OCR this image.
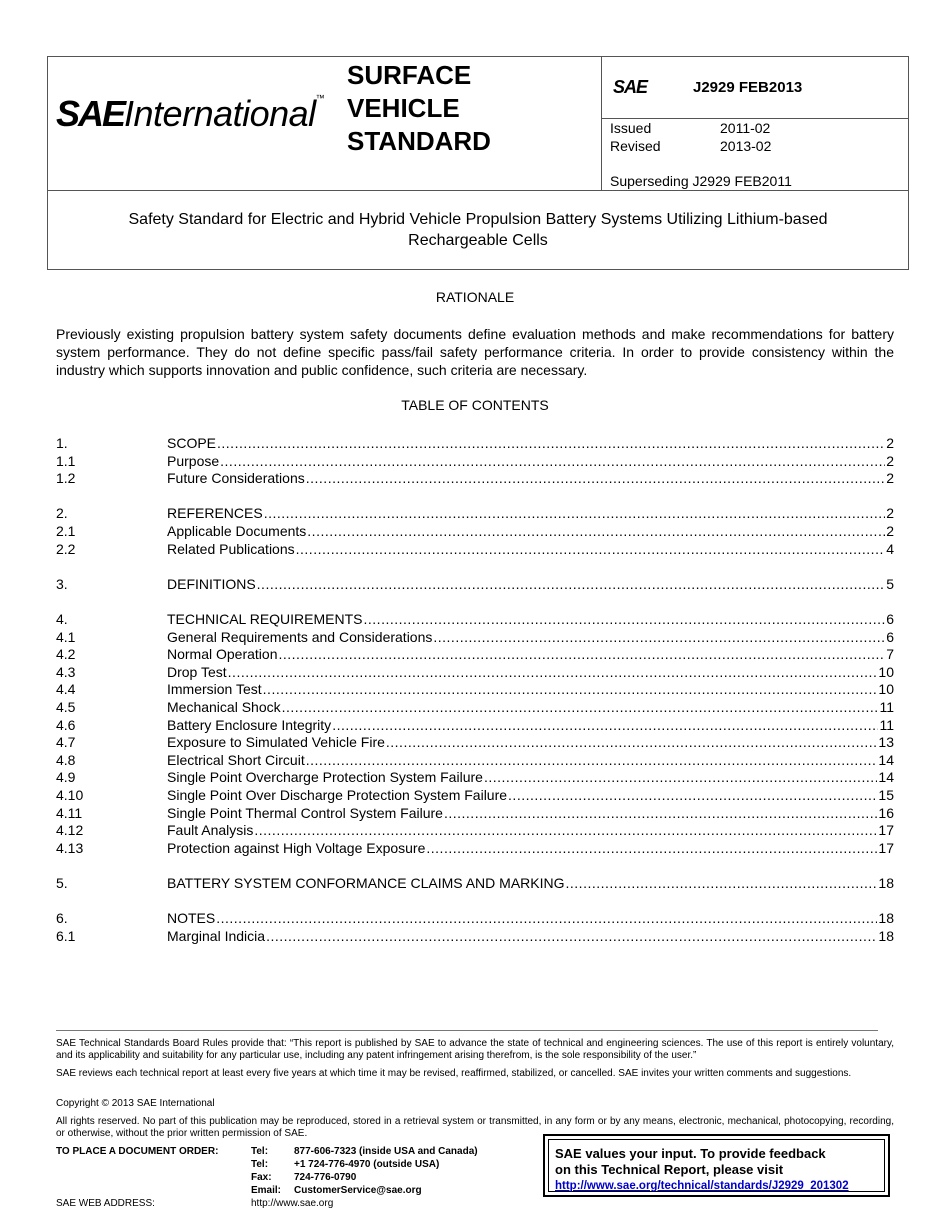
SAEInternational™
SURFACE
VEHICLE
STANDARD
SAE	J2929 FEB2013
Issued	2011-02
Revised	2013-02
Superseding J2929 FEB2011
Safety Standard for Electric and Hybrid Vehicle Propulsion Battery Systems Utilizing Lithium-based
Rechargeable Cells
RATIONALE
Previously existing propulsion battery system safety documents define evaluation methods and make recommendations for battery system performance. They do not define specific pass/fail safety performance criteria. In order to provide consistency within the industry which supports innovation and public confidence, such criteria are necessary.
TABLE OF CONTENTS
1.	SCOPE .....	2
1.1	Purpose .....	2
1.2	Future Considerations .....	2
2.	REFERENCES .....	2
2.1	Applicable Documents .....	2
2.2	Related Publications .....	4
3.	DEFINITIONS .....	5
4.	TECHNICAL REQUIREMENTS .....	6
4.1	General Requirements and Considerations .....	6
4.2	Normal Operation .....	7
4.3	Drop Test .....	10
4.4	Immersion Test .....	10
4.5	Mechanical Shock .....	11
4.6	Battery Enclosure Integrity .....	11
4.7	Exposure to Simulated Vehicle Fire .....	13
4.8	Electrical Short Circuit .....	14
4.9	Single Point Overcharge Protection System Failure .....	14
4.10	Single Point Over Discharge Protection System Failure .....	15
4.11	Single Point Thermal Control System Failure .....	16
4.12	Fault Analysis .....	17
4.13	Protection against High Voltage Exposure .....	17
5.	BATTERY SYSTEM CONFORMANCE CLAIMS AND MARKING .....	18
6.	NOTES .....	18
6.1	Marginal Indicia .....	18
SAE Technical Standards Board Rules provide that: “This report is published by SAE to advance the state of technical and engineering sciences. The use of this report is entirely voluntary, and its applicability and suitability for any particular use, including any patent infringement arising therefrom, is the sole responsibility of the user.”
SAE reviews each technical report at least every five years at which time it may be revised, reaffirmed, stabilized, or cancelled. SAE invites your written comments and suggestions.
Copyright © 2013 SAE International
All rights reserved. No part of this publication may be reproduced, stored in a retrieval system or transmitted, in any form or by any means, electronic, mechanical, photocopying, recording, or otherwise, without the prior written permission of SAE.
TO PLACE A DOCUMENT ORDER:	Tel:	877-606-7323 (inside USA and Canada)
Tel:	+1 724-776-4970 (outside USA)
Fax: 724-776-0790
Email: CustomerService@sae.org
SAE WEB ADDRESS:	http://www.sae.org
SAE values your input. To provide feedback
on this Technical Report, please visit
http://www.sae.org/technical/standards/J2929_201302
